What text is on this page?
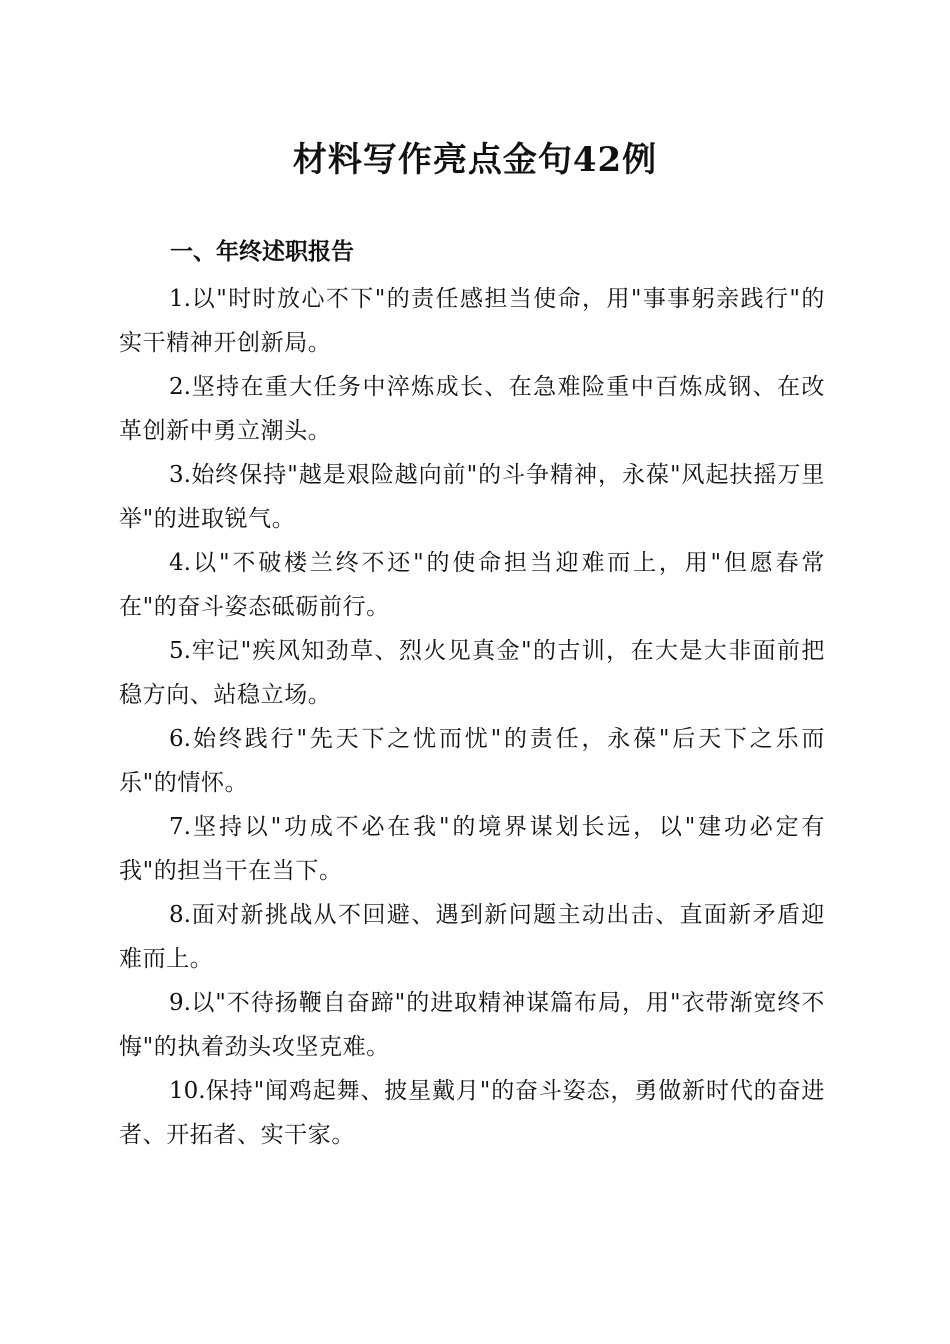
材料写作亮点金句42例
一、年终述职报告
1.以"时时放心不下"的责任感担当使命，用"事事躬亲践行"的实干精神开创新局。
2.坚持在重大任务中淬炼成长、在急难险重中百炼成钢、在改革创新中勇立潮头。
3.始终保持"越是艰险越向前"的斗争精神，永葆"风起扶摇万里举"的进取锐气。
4.以"不破楼兰终不还"的使命担当迎难而上，用"但愿春常在"的奋斗姿态砥砺前行。
5.牢记"疾风知劲草、烈火见真金"的古训，在大是大非面前把稳方向、站稳立场。
6.始终践行"先天下之忧而忧"的责任，永葆"后天下之乐而乐"的情怀。
7.坚持以"功成不必在我"的境界谋划长远，以"建功必定有我"的担当干在当下。
8.面对新挑战从不回避、遇到新问题主动出击、直面新矛盾迎难而上。
9.以"不待扬鞭自奋蹄"的进取精神谋篇布局，用"衣带渐宽终不悔"的执着劲头攻坚克难。
10.保持"闻鸡起舞、披星戴月"的奋斗姿态，勇做新时代的奋进者、开拓者、实干家。
